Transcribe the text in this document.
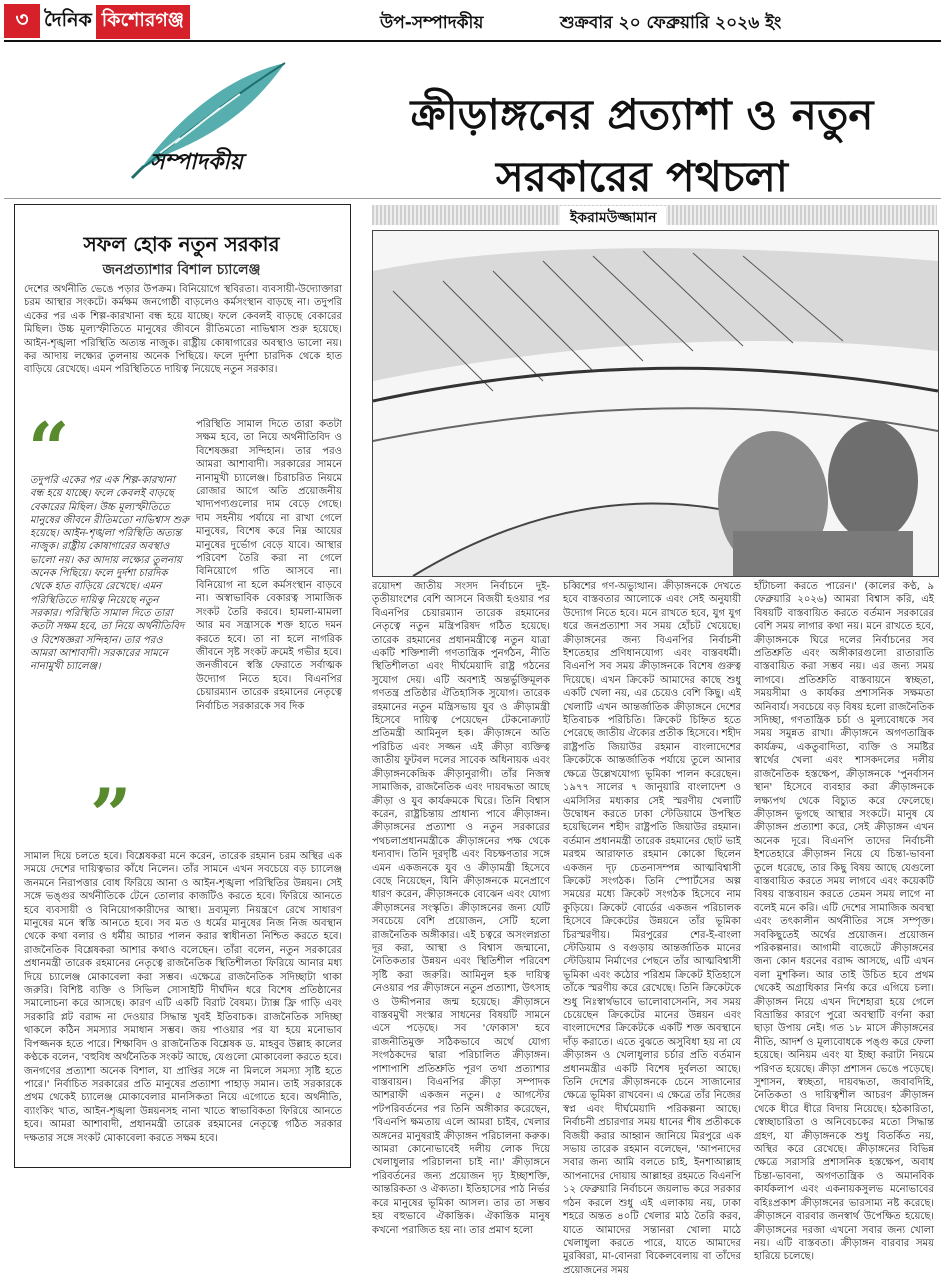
৩ দৈনিক কিশোরগঞ্জ	উপ-সম্পাদকীয়	শুক্রবার ২০ ফেব্রুয়ারি ২০২৬ ইং
সম্পাদকীয়
ক্রীড়াঙ্গনের প্রত্যাশা ও নতুন সরকারের পথচলা
ইকরামউজ্জামান
সফল হোক নতুন সরকার
জনপ্রত্যাশার বিশাল চ্যালেঞ্জ
দেশের অর্থনীতি ভেঙে পড়ার উপক্রম। বিনিয়োগে স্থবিরতা। ব্যবসায়ী-উদ্যোক্তারা চরম আস্থার সংকটে। কর্মক্ষম জনগোষ্ঠী বাড়লেও কর্মসংস্থান বাড়ছে না। তদুপরি একের পর এক শিল্প-কারখানা বন্ধ হয়ে যাচ্ছে। ফলে কেবলই বাড়ছে বেকারের মিছিল। উচ্চ মূল্যস্ফীতিতে মানুষের জীবনে রীতিমতো নাভিশ্বাস শুরু হয়েছে। আইন-শৃঙ্খলা পরিস্থিতি অত্যন্ত নাজুক। রাষ্ট্রীয় কোষাগারের অবস্থাও ভালো নয়। কর আদায় লক্ষ্যের তুলনায় অনেক পিছিয়ে। ফলে দুর্দশা চারদিক থেকে হাত বাড়িয়ে রেখেছে। এমন পরিস্থিতিতে দায়িত্ব নিয়েছে নতুন সরকার।
“
তদুপরি একের পর এক শিল্প-কারখানা বন্ধ হয়ে যাচ্ছে। ফলে কেবলই বাড়ছে বেকারের মিছিল। উচ্চ মূল্যস্ফীতিতে মানুষের জীবনে রীতিমতো নাভিশ্বাস শুরু হয়েছে। আইন-শৃঙ্খলা পরিস্থিতি অত্যন্ত নাজুক। রাষ্ট্রীয় কোষাগারের অবস্থাও ভালো নয়। কর আদায় লক্ষ্যের তুলনায় অনেক পিছিয়ে। ফলে দুর্দশা চারদিক থেকে হাত বাড়িয়ে রেখেছে। এমন পরিস্থিতিতে দায়িত্ব নিয়েছে নতুন সরকার। পরিস্থিতি সামাল দিতে তারা কতটা সক্ষম হবে, তা নিয়ে অর্থনীতিবিদ ও বিশেষজ্ঞরা সন্দিহান। তার পরও আমরা আশাবাদী। সরকারের সামনে নানামুখী চ্যালেঞ্জ।
”
পরিস্থিতি সামাল দিতে তারা কতটা সক্ষম হবে, তা নিয়ে অর্থনীতিবিদ ও বিশেষজ্ঞরা সন্দিহান। তার পরও আমরা আশাবাদী। সরকারের সামনে নানামুখী চ্যালেঞ্জ। চিরাচরিত নিয়মে রোজার আগে অতি প্রয়োজনীয় খাদ্যপণ্যগুলোর দাম বেড়ে গেছে। দাম সহনীয় পর্যায়ে না রাখা গেলে মানুষের, বিশেষ করে নিম্ন আয়ের মানুষের দুর্ভোগ বেড়ে যাবে। আস্থার পরিবেশ তৈরি করা না গেলে বিনিয়োগে গতি আসবে না। বিনিয়োগ না হলে কর্মসংস্থান বাড়বে না। অস্বাভাবিক বেকারত্ব সামাজিক সংকট তৈরি করবে। হামলা-মামলা আর মব সন্ত্রাসকে শক্ত হাতে দমন করতে হবে। তা না হলে নাগরিক জীবনে সৃষ্ট সংকট ক্রমেই গভীর হবে। জনজীবনে স্বস্তি ফেরাতে সর্বাত্মক উদ্যোগ নিতে হবে। বিএনপির চেয়ারম্যান তারেক রহমানের নেতৃত্বে নির্বাচিত সরকারকে সব দিক
সামাল দিয়ে চলতে হবে। বিশ্লেষকরা মনে করেন, তারেক রহমান চরম অস্থির এক সময়ে দেশের দায়িত্বভার কাঁধে নিলেন। তাঁর সামনে এখন সবচেয়ে বড় চ্যালেঞ্জ জনমনে নিরাপত্তার বোধ ফিরিয়ে আনা ও আইন-শৃঙ্খলা পরিস্থিতির উন্নয়ন। সেই সঙ্গে ভঙ্গুর অর্থনীতিকে টেনে তোলার কাজটিও করতে হবে। ফিরিয়ে আনতে হবে ব্যবসায়ী ও বিনিয়োগকারীদের আস্থা। দ্রব্যমূল্য নিয়ন্ত্রণে রেখে সাধারণ মানুষের মনে স্বস্তি আনতে হবে। সব মত ও ধর্মের মানুষের নিজ নিজ অবস্থান থেকে কথা বলার ও ধর্মীয় আচার পালন করার স্বাধীনতা নিশ্চিত করতে হবে। রাজনৈতিক বিশ্লেষকরা আশার কথাও বলেছেন। তাঁরা বলেন, নতুন সরকারের প্রধানমন্ত্রী তারেক রহমানের নেতৃত্বে রাজনৈতিক স্থিতিশীলতা ফিরিয়ে আনার মধ্য দিয়ে চ্যালেঞ্জ মোকাবেলা করা সম্ভব। এক্ষেত্রে রাজনৈতিক সদিচ্ছাটা থাকা জরুরি। বিশিষ্ট ব্যক্তি ও সিভিল সোসাইটি দীর্ঘদিন ধরে বিশেষ প্রতিষ্ঠানের সমালোচনা করে আসছে। কারণ এটি একটি বিরাট বৈষম্য। ট্যাক্স ফ্রি গাড়ি এবং সরকারি প্লট বরাদ্দ না দেওয়ার সিদ্ধান্ত খুবই ইতিবাচক। রাজনৈতিক সদিচ্ছা থাকলে কঠিন সমস্যার সমাধান সম্ভব। জয় পাওয়ার পর যা হয়ে মনোভাব বিপজ্জনক হতে পারে। শিক্ষাবিদ ও রাজনৈতিক বিশ্লেষক ড. মাহবুব উল্লাহ কালের কণ্ঠকে বলেন, 'বহুবিধ অর্থনৈতিক সংকট আছে, যেগুলো মোকাবেলা করতে হবে। জনগণের প্রত্যাশা অনেক বিশাল, যা প্রাপ্তির সঙ্গে না মিললে সমস্যা সৃষ্টি হতে পারে।' নির্বাচিত সরকারের প্রতি মানুষের প্রত্যাশা পাহাড় সমান। তাই সরকারকে প্রথম থেকেই চ্যালেঞ্জ মোকাবেলার মানসিকতা নিয়ে এগোতে হবে। অর্থনীতি, ব্যাংকিং খাত, আইন-শৃঙ্খলা উন্নয়নসহ নানা খাতে স্বাভাবিকতা ফিরিয়ে আনতে হবে। আমরা আশাবাদী, প্রধানমন্ত্রী তারেক রহমানের নেতৃত্বে গঠিত সরকার দক্ষতার সঙ্গে সংকট মোকাবেলা করতে সক্ষম হবে।
রয়োদশ জাতীয় সংসদ নির্বাচনে দুই-তৃতীয়াংশের বেশি আসনে বিজয়ী হওয়ার পর বিএনপির চেয়ারম্যান তারেক রহমানের নেতৃত্বে নতুন মন্ত্রিপরিষদ গঠিত হয়েছে। তারেক রহমানের প্রধানমন্ত্রীত্বে নতুন যাত্রা একটি শক্তিশালী গণতান্ত্রিক পুনর্গঠন, নীতি স্থিতিশীলতা এবং দীর্ঘমেয়াদি রাষ্ট্র গঠনের সুযোগ দেয়। এটি অবশ্যই অন্তর্ভুক্তিমূলক গণতন্ত্র প্রতিষ্ঠার ঐতিহাসিক সুযোগ। তারেক রহমানের নতুন মন্ত্রিসভায় যুব ও ক্রীড়ামন্ত্রী হিসেবে দায়িত্ব পেয়েছেন টেকনোক্র্যাট প্রতিমন্ত্রী আমিনুল হক। ক্রীড়াঙ্গনে অতি পরিচিত এবং সজ্জন এই ক্রীড়া ব্যক্তিত্ব জাতীয় ফুটবল দলের সাবেক অধিনায়ক এবং ক্রীড়াঙ্গনকেন্দ্রিক ক্রীড়ানুরাগী। তাঁর নিজস্ব সামাজিক, রাজনৈতিক এবং দায়বদ্ধতা আছে ক্রীড়া ও যুব কার্যক্রমকে ঘিরে। তিনি বিশ্বাস করেন, রাষ্ট্রচিন্তায় প্রাধান্য পাবে ক্রীড়াঙ্গন। ক্রীড়াঙ্গনের প্রত্যাশা ও নতুন সরকারের পথচলাপ্রধানমন্ত্রীকে ক্রীড়াঙ্গনের পক্ষ থেকে ধন্যবাদ। তিনি দূরদৃষ্টি এবং বিচক্ষণতার সঙ্গে এমন একজনকে যুব ও ক্রীড়ামন্ত্রী হিসেবে বেছে নিয়েছেন, যিনি ক্রীড়াঙ্গনকে মনেপ্রাণে ধারণ করেন, ক্রীড়াঙ্গনকে বোঝেন এবং যোগ্য ক্রীড়াঙ্গনের সংস্কৃতি। ক্রীড়াঙ্গনের জন্য যেটি সবচেয়ে বেশি প্রয়োজন, সেটি হলো রাজনৈতিক অঙ্গীকার। এই চত্বরে অসংলগ্নতা দূর করা, আস্থা ও বিশ্বাস জন্মানো, নৈতিকতার উন্নয়ন এবং স্থিতিশীল পরিবেশ সৃষ্টি করা জরুরি। আমিনুল হক দায়িত্ব নেওয়ার পর ক্রীড়াঙ্গনে নতুন প্রত্যাশা, উৎসাহ ও উদ্দীপনার জন্ম হয়েছে। ক্রীড়াঙ্গনে বাস্তবমুখী সংস্কার সাধনের বিষয়টি সামনে এসে পড়েছে। সব 'ফোকাস' হবে রাজনীতিমুক্ত সঠিকভাবে অর্থে যোগ্য সংগঠকদের দ্বারা পরিচালিত ক্রীড়াঙ্গন। পাশাপাশি প্রতিশ্রুতি পূরণ তথা প্রত্যাশার বাস্তবায়ন। বিএনপির ক্রীড়া সম্পাদক আশরাফী একজন নতুন। ৫ আগস্টের পটপরিবর্তনের পর তিনি অঙ্গীকার করেছেন, 'বিএনপি ক্ষমতায় এলে আমরা চাইব, খেলার অঙ্গনের মানুষরাই ক্রীড়াঙ্গন পরিচালনা করুক। আমরা কোনোভাবেই দলীয় লোক দিয়ে খেলাধুলার পরিচালনা চাই না।' ক্রীড়াঙ্গনে পরিবর্তনের জন্য প্রয়োজন দৃঢ় ইচ্ছাশক্তি, আন্তরিকতা ও ঐক্যতা। ইতিহাসের পাঠ নির্ভর করে মানুষের ভূমিকা আসল। তার তা সম্ভব হয় বহুভাবে ঐকান্তিক। ঐকান্তিক মানুষ কখনো পরাজিত হয় না। তার প্রমাণ হলো
চব্বিশের গণ-অভ্যুত্থান। ক্রীড়াঙ্গনকে দেখতে হবে বাস্তবতার আলোকে এবং সেই অনুযায়ী উদ্যোগ নিতে হবে। মনে রাখতে হবে, যুগ যুগ ধরে জনপ্রত্যাশা সব সময় হোঁচট খেয়েছে। ক্রীড়াঙ্গনের জন্য বিএনপির নির্বাচনী ইশতেহার প্রণিধানযোগ্য এবং বাস্তবধর্মী। বিএনপি সব সময় ক্রীড়াঙ্গনকে বিশেষ গুরুত্ব দিয়েছে। এখন ক্রিকেট আমাদের কাছে শুধু একটি খেলা নয়, এর চেয়েও বেশি কিছু। এই খেলাটি এখন আন্তর্জাতিক ক্রীড়াঙ্গনে দেশের ইতিবাচক পরিচিতি। ক্রিকেট চিহ্নিত হতে পেরেছে জাতীয় ঐক্যের প্রতীক হিসেবে। শহীদ রাষ্ট্রপতি জিয়াউর রহমান বাংলাদেশের ক্রিকেটকে আন্তর্জাতিক পর্যায়ে তুলে আনার ক্ষেত্রে উল্লেখযোগ্য ভূমিকা পালন করেছেন। ১৯৭৭ সালের ৭ জানুয়ারি বাংলাদেশ ও এমসিসির মধ্যকার সেই স্মরণীয় খেলাটি উদ্বোধন করতে ঢাকা স্টেডিয়ামে উপস্থিত হয়েছিলেন শহীদ রাষ্ট্রপতি জিয়াউর রহমান। বর্তমান প্রধানমন্ত্রী তারেক রহমানের ছোট ভাই মরহুম আরাফাত রহমান কোকো ছিলেন একজন দৃঢ় চেতনাসম্পন্ন আত্মবিশ্বাসী ক্রিকেট সংগঠক। তিনি স্পোর্টসের অল্প সময়ের মধ্যে ক্রিকেট সংগঠক হিসেবে নাম কুড়িয়ে। ক্রিকেট বোর্ডের একজন পরিচালক হিসেবে ক্রিকেটের উন্নয়নে তাঁর ভূমিকা চিরস্মরণীয়। মিরপুরের শের-ই-বাংলা স্টেডিয়াম ও বগুড়ায় আন্তর্জাতিক মানের স্টেডিয়াম নির্মাণের পেছনে তাঁর আত্মবিশ্বাসী ভূমিকা এবং কঠোর পরিশ্রম ক্রিকেট ইতিহাসে তাঁকে স্মরণীয় করে রেখেছে। তিনি ক্রিকেটকে শুধু নিঃস্বার্থভাবে ভালোবাসেননি, সব সময় চেয়েছেন ক্রিকেটের মানের উন্নয়ন এবং বাংলাদেশের ক্রিকেটকে একটি শক্ত অবস্থানে দাঁড় করাতে। এতে বুঝতে অসুবিধা হয় না যে ক্রীড়াঙ্গন ও খেলাধুলার চর্চার প্রতি বর্তমান প্রধানমন্ত্রীর একটি বিশেষ দুর্বলতা আছে। তিনি দেশের ক্রীড়াঙ্গনকে চেনে সাজানোর ক্ষেত্রে ভূমিকা রাখবেন। এ ক্ষেত্রে তাঁর নিজের স্বপ্ন এবং দীর্ঘমেয়াদি পরিকল্পনা আছে। নির্বাচনী প্রচারণার সময় ধানের শীষ প্রতীককে বিজয়ী করার আহ্বান জানিয়ে মিরপুরে এক সভায় তারেক রহমান বলেছেন, 'আপনাদের সবার জন্য আমি বলতে চাই, ইনশাআল্লাহ আপনাদের দোয়ায় আল্লাহর রহমতে বিএনপি ১২ ফেব্রুয়ারি নির্বাচনে জয়লাভ করে সরকার গঠন করলে শুধু এই এলাকায় নয়, ঢাকা শহরে অন্তত ৪০টি খেলার মাঠ তৈরি করব, যাতে আমাদের সন্তানরা খোলা মাঠে খেলাধুলা করতে পারে, যাতে আমাদের মুরব্বিরা, মা-বোনরা বিকেলবেলায় বা তাঁদের প্রয়োজনের সময়
হাঁটাচলা করতে পারেন।' (কালের কণ্ঠ, ৯ ফেব্রুয়ারি ২০২৬) আমরা বিশ্বাস করি, এই বিষয়টি বাস্তবায়িত করতে বর্তমান সরকারের বেশি সময় লাগার কথা নয়। মনে রাখতে হবে, ক্রীড়াঙ্গনকে ঘিরে দলের নির্বাচনের সব প্রতিশ্রুতি এবং অঙ্গীকারগুলো রাতারাতি বাস্তবায়িত করা সম্ভব নয়। এর জন্য সময় লাগবে। প্রতিশ্রুতি বাস্তবায়নে স্বচ্ছতা, সময়সীমা ও কার্যকর প্রশাসনিক সক্ষমতা অনিবার্য। সবচেয়ে বড় বিষয় হলো রাজনৈতিক সদিচ্ছা, গণতান্ত্রিক চর্চা ও মূল্যবোধকে সব সময় সমুন্নত রাখা। ক্রীড়াঙ্গনে অগণতান্ত্রিক কার্যক্রম, একতুবাদিতা, ব্যক্তি ও সমষ্টির স্বার্থের খেলা এবং শাসকদলের দলীয় রাজনৈতিক হস্তক্ষেপ, ক্রীড়াঙ্গনকে 'পুনর্বাসন স্থান' হিসেবে ব্যবহার করা ক্রীড়াঙ্গনকে লক্ষ্যপথ থেকে বিচ্যুত করে ফেলেছে। ক্রীড়াঙ্গন ভুগছে আস্থার সংকটে। মানুষ যে ক্রীড়াঙ্গন প্রত্যাশা করে, সেই ক্রীড়াঙ্গন এখন অনেক দূরে। বিএনপি তাদের নির্বাচনী ইশতেহারে ক্রীড়াঙ্গন নিয়ে যে চিন্তা-ভাবনা তুলে ধরেছে, তার কিছু বিষয় আছে যেগুলো বাস্তবায়িত করতে সময় লাগবে এবং কয়েকটি বিষয় বাস্তবায়ন করতে তেমন সময় লাগে না বলেই মনে করি। এটি দেশের সামাজিক অবস্থা এবং তৎকালীন অর্থনীতির সঙ্গে সম্পৃক্ত। সবকিছুতেই অর্থের প্রয়োজন। প্রয়োজন পরিকল্পনার। আগামী বাজেটে ক্রীড়াঙ্গনের জন্য কোন ধরনের বরাদ্দ আসছে, এটি এখন বলা মুশকিল। আর তাই উচিত হবে প্রথম থেকেই অগ্রাধিকার নির্ণয় করে এগিয়ে চলা। ক্রীড়াঙ্গন নিয়ে এখন দিশেহারা হয়ে গেলে বিভ্রান্তির কারণে পুরো অবস্থাটি বর্ণনা করা ছাড়া উপায় নেই। গত ১৮ মাসে ক্রীড়াঙ্গনের নীতি, আদর্শ ও মূল্যবোধকে পঙ্গু করে ফেলা হয়েছে। অনিয়ম এবং যা ইচ্ছা করাটা নিয়মে পরিণত হয়েছে। ক্রীড়া প্রশাসন ভেঙে পড়েছে। সুশাসন, স্বচ্ছতা, দায়বদ্ধতা, জবাবদিহি, নৈতিকতা ও দায়িত্বশীল আচরণ ক্রীড়াঙ্গন থেকে ধীরে ধীরে বিদায় নিয়েছে। হঠকারিতা, স্বেচ্ছাচারিতা ও অনিবেচকের মতো সিদ্ধান্ত গ্রহণ, যা ক্রীড়াঙ্গনকে শুধু বিতর্কিত নয়, অস্থির করে রেখেছে। ক্রীড়াঙ্গনের বিভিন্ন ক্ষেত্রে সরাসরি প্রশাসনিক হস্তক্ষেপ, অবাধ চিন্তা-ভাবনা, অগণতান্ত্রিক ও অমানবিক কার্যকলাপ এবং একনায়কসুলভ মনোভাবের বহিঃপ্রকাশ ক্রীড়াঙ্গনের ভারসাম্য নষ্ট করেছে। ক্রীড়াঙ্গনে বারবার জনস্বার্থ উপেক্ষিত হয়েছে। ক্রীড়াঙ্গনের দরজা এখনো সবার জন্য খোলা নয়। এটি বাস্তবতা। ক্রীড়াঙ্গন বারবার সময় হারিয়ে চলেছে।
